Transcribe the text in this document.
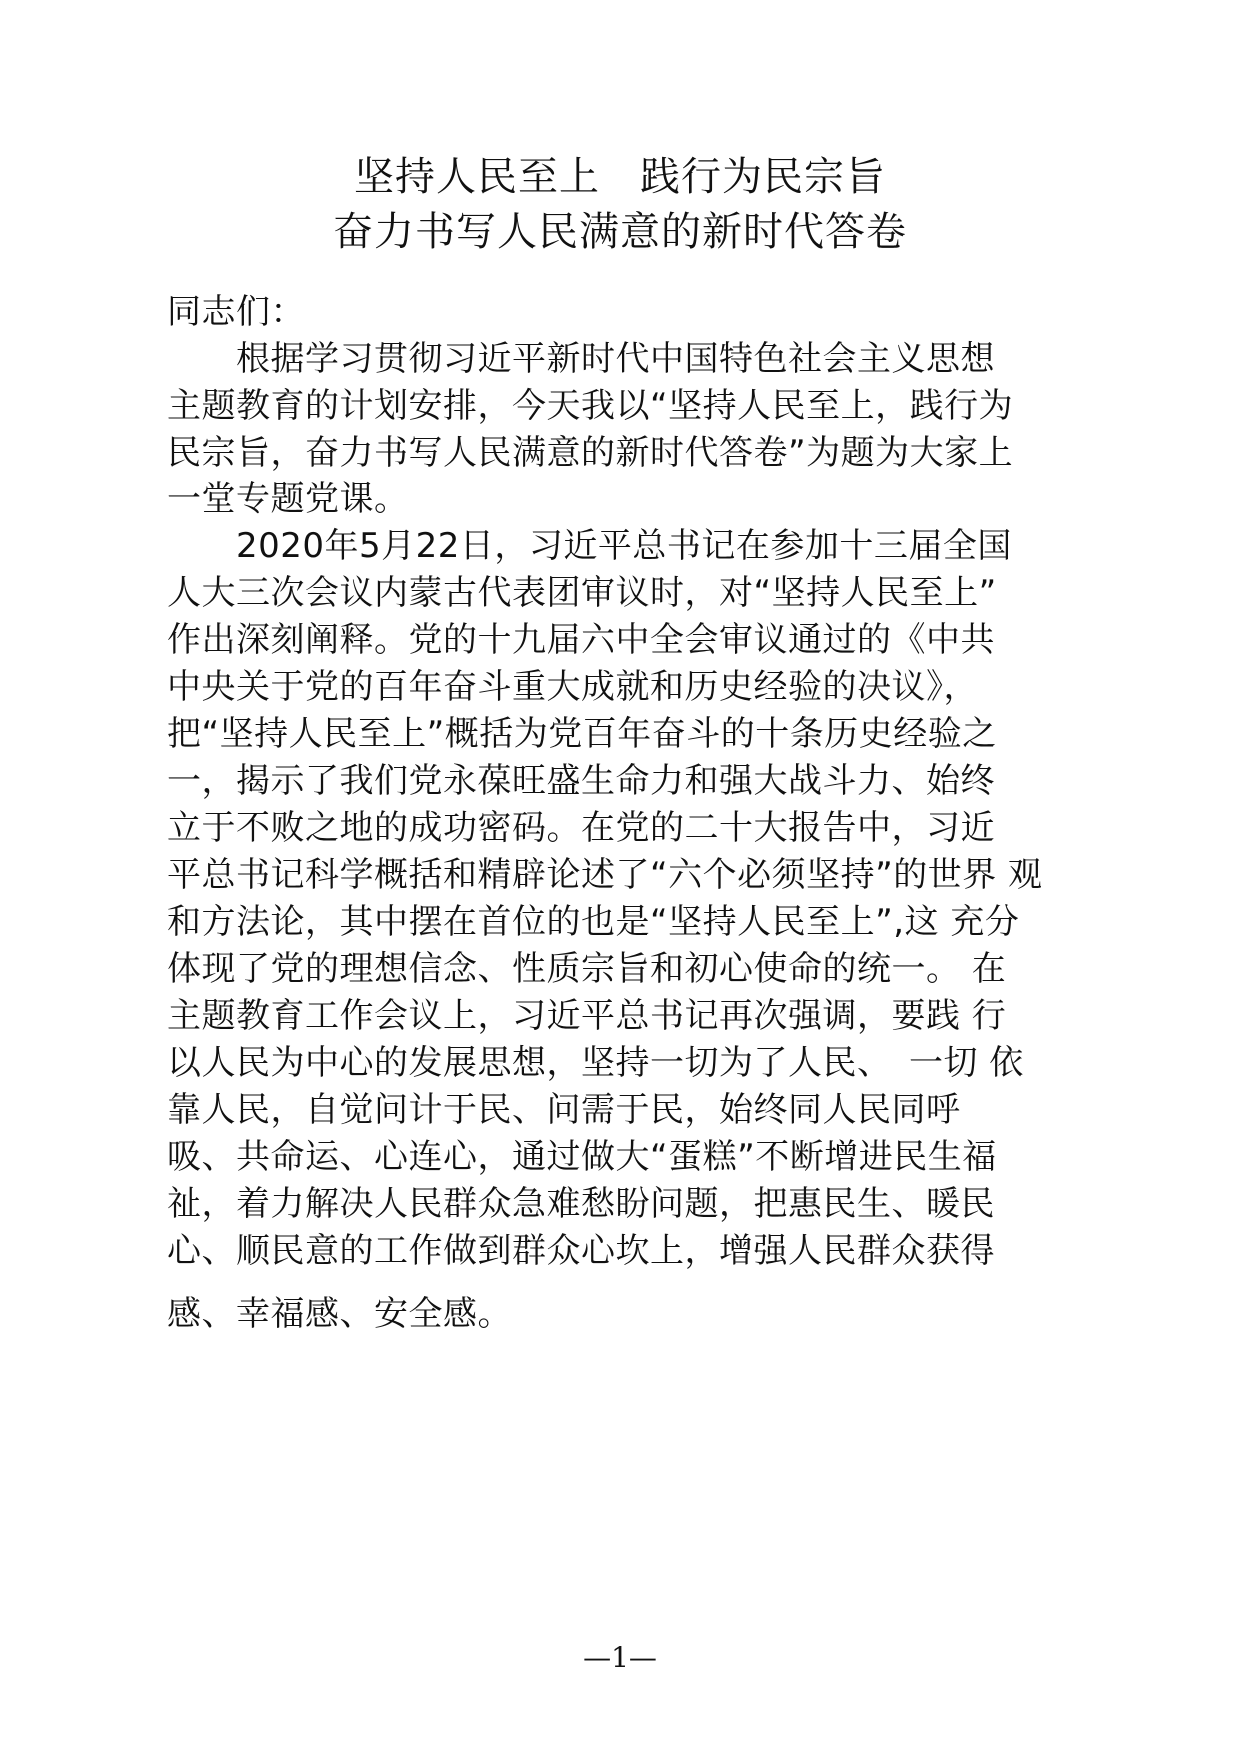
坚持人民至上 践行为民宗旨
奋力书写人民满意的新时代答卷
同志们：
　　根据学习贯彻习近平新时代中国特色社会主义思想
主题教育的计划安排，今天我以“坚持人民至上，践行为
民宗旨，奋力书写人民满意的新时代答卷”为题为大家上
一堂专题党课。
　　2020年5月22日，习近平总书记在参加十三届全国
人大三次会议内蒙古代表团审议时，对“坚持人民至上”
作出深刻阐释。党的十九届六中全会审议通过的《中共
中央关于党的百年奋斗重大成就和历史经验的决议》，
把“坚持人民至上”概括为党百年奋斗的十条历史经验之
一，揭示了我们党永葆旺盛生命力和强大战斗力、始终
立于不败之地的成功密码。在党的二十大报告中，习近
平总书记科学概括和精辟论述了“六个必须坚持”的世界 观
和方法论，其中摆在首位的也是“坚持人民至上”,这 充分
体现了党的理想信念、性质宗旨和初心使命的统一。 在
主题教育工作会议上，习近平总书记再次强调，要践 行
以人民为中心的发展思想，坚持一切为了人民、　一切 依
靠人民，自觉问计于民、问需于民，始终同人民同呼
吸、共命运、心连心，通过做大“蛋糕”不断增进民生福
祉，着力解决人民群众急难愁盼问题，把惠民生、暖民
心、顺民意的工作做到群众心坎上，增强人民群众获得
感、幸福感、安全感。
—1—
